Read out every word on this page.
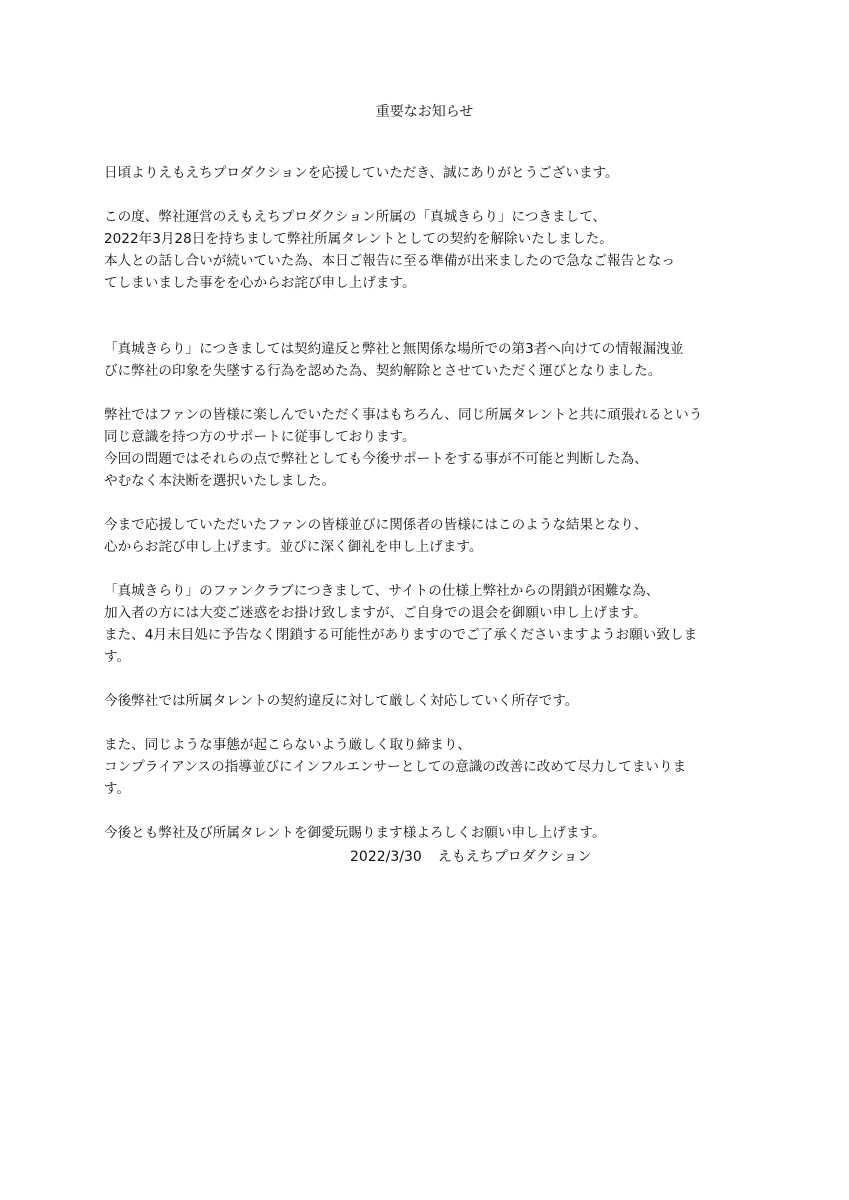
重要なお知らせ

日頃よりえもえちプロダクションを応援していただき、誠にありがとうございます。

この度、弊社運営のえもえちプロダクション所属の「真城きらり」につきまして、
2022年3月28日を持ちまして弊社所属タレントとしての契約を解除いたしました。
本人との話し合いが続いていた為、本日ご報告に至る準備が出来ましたので急なご報告となっ
てしまいました事をを心からお詫び申し上げます。

「真城きらり」につきましては契約違反と弊社と無関係な場所での第3者へ向けての情報漏洩並
びに弊社の印象を失墜する行為を認めた為、契約解除とさせていただく運びとなりました。

弊社ではファンの皆様に楽しんでいただく事はもちろん、同じ所属タレントと共に頑張れるという
同じ意識を持つ方のサポートに従事しております。
今回の問題ではそれらの点で弊社としても今後サポートをする事が不可能と判断した為、
やむなく本決断を選択いたしました。

今まで応援していただいたファンの皆様並びに関係者の皆様にはこのような結果となり、
心からお詫び申し上げます。並びに深く御礼を申し上げます。

「真城きらり」のファンクラブにつきまして、サイトの仕様上弊社からの閉鎖が困難な為、
加入者の方には大変ご迷惑をお掛け致しますが、ご自身での退会を御願い申し上げます。
また、4月末目処に予告なく閉鎖する可能性がありますのでご了承くださいますようお願い致しま
す。

今後弊社では所属タレントの契約違反に対して厳しく対応していく所存です。

また、同じような事態が起こらないよう厳しく取り締まり、
コンプライアンスの指導並びにインフルエンサーとしての意識の改善に改めて尽力してまいりま
す。

今後とも弊社及び所属タレントを御愛玩賜ります様よろしくお願い申し上げます。

2022/3/30 えもえちプロダクション
